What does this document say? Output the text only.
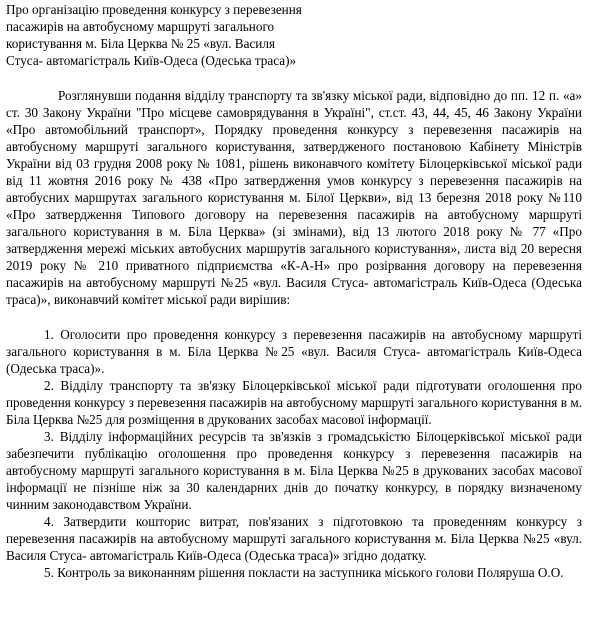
Про організацію проведення конкурсу з перевезення
пасажирів на автобусному маршруті загального
користування м. Біла Церква № 25 «вул. Василя
Стуса- автомагістраль Київ-Одеса (Одеська траса)»

Розглянувши подання відділу транспорту та зв'язку міської ради, відповідно до пп. 12 п. «а» ст. 30 Закону України "Про місцеве самоврядування в Україні", ст.ст. 43, 44, 45, 46 Закону України «Про автомобільний транспорт», Порядку проведення конкурсу з перевезення пасажирів на автобусному маршруті загального користування, затвердженого постановою Кабінету Міністрів України від 03 грудня 2008 року № 1081, рішень виконавчого комітету Білоцерківської міської ради від 11 жовтня 2016 року № 438 «Про затвердження умов конкурсу з перевезення пасажирів на автобусних маршрутах загального користування м. Білої Церкви», від 13 березня 2018 року №110 «Про затвердження Типового договору на перевезення пасажирів на автобусному маршруті загального користування в м. Біла Церква» (зі змінами), від 13 лютого 2018 року № 77 «Про затвердження мережі міських автобусних маршрутів загального користування», листа від 20 вересня 2019 року № 210 приватного підприємства «К-А-Н» про розірвання договору на перевезення пасажирів на автобусному маршруті №25 «вул. Василя Стуса- автомагістраль Київ-Одеса (Одеська траса)», виконавчий комітет міської ради вирішив:

1. Оголосити про проведення конкурсу з перевезення пасажирів на автобусному маршруті загального користування в м. Біла Церква №25 «вул. Василя Стуса- автомагістраль Київ-Одеса (Одеська траса)».

2. Відділу транспорту та зв'язку Білоцерківської міської ради підготувати оголошення про проведення конкурсу з перевезення пасажирів на автобусному маршруті загального користування в м. Біла Церква №25 для розміщення в друкованих засобах масової інформації.

3. Відділу інформаційних ресурсів та зв'язків з громадськістю Білоцерківської міської ради забезпечити публікацію оголошення про проведення конкурсу з перевезення пасажирів на автобусному маршруті загального користування в м. Біла Церква №25 в друкованих засобах масової інформації не пізніше ніж за 30 календарних днів до початку конкурсу, в порядку визначеному чинним законодавством України.

4. Затвердити кошторис витрат, пов'язаних з підготовкою та проведенням конкурсу з перевезення пасажирів на автобусному маршруті загального користування м. Біла Церква №25 «вул. Василя Стуса- автомагістраль Київ-Одеса (Одеська траса)» згідно додатку.

5. Контроль за виконанням рішення покласти на заступника міського голови Поляруша О.О.
